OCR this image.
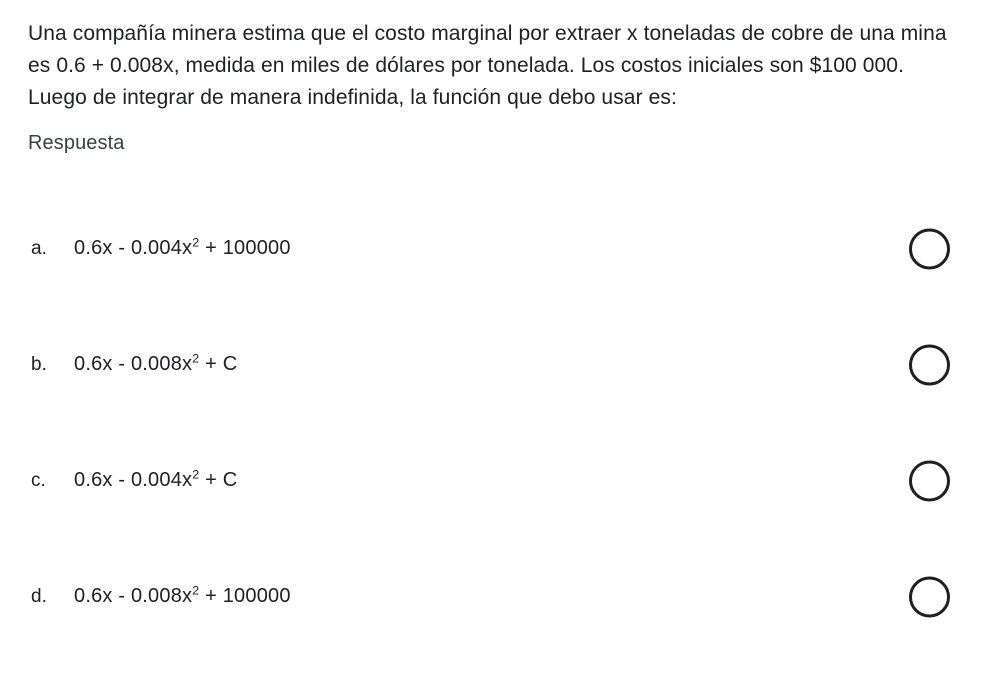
Una compañía minera estima que el costo marginal por extraer x toneladas de cobre de una mina es 0.6 + 0.008x, medida en miles de dólares por tonelada. Los costos iniciales son $100 000. Luego de integrar de manera indefinida, la función que debo usar es:
Respuesta
a.	$0.6x - 0.004x^2 + 100000$
b.	$0.6x - 0.008x^2 + C$
c.	$0.6x - 0.004x^2 + C$
d.	$0.6x - 0.008x^2 + 100000$
